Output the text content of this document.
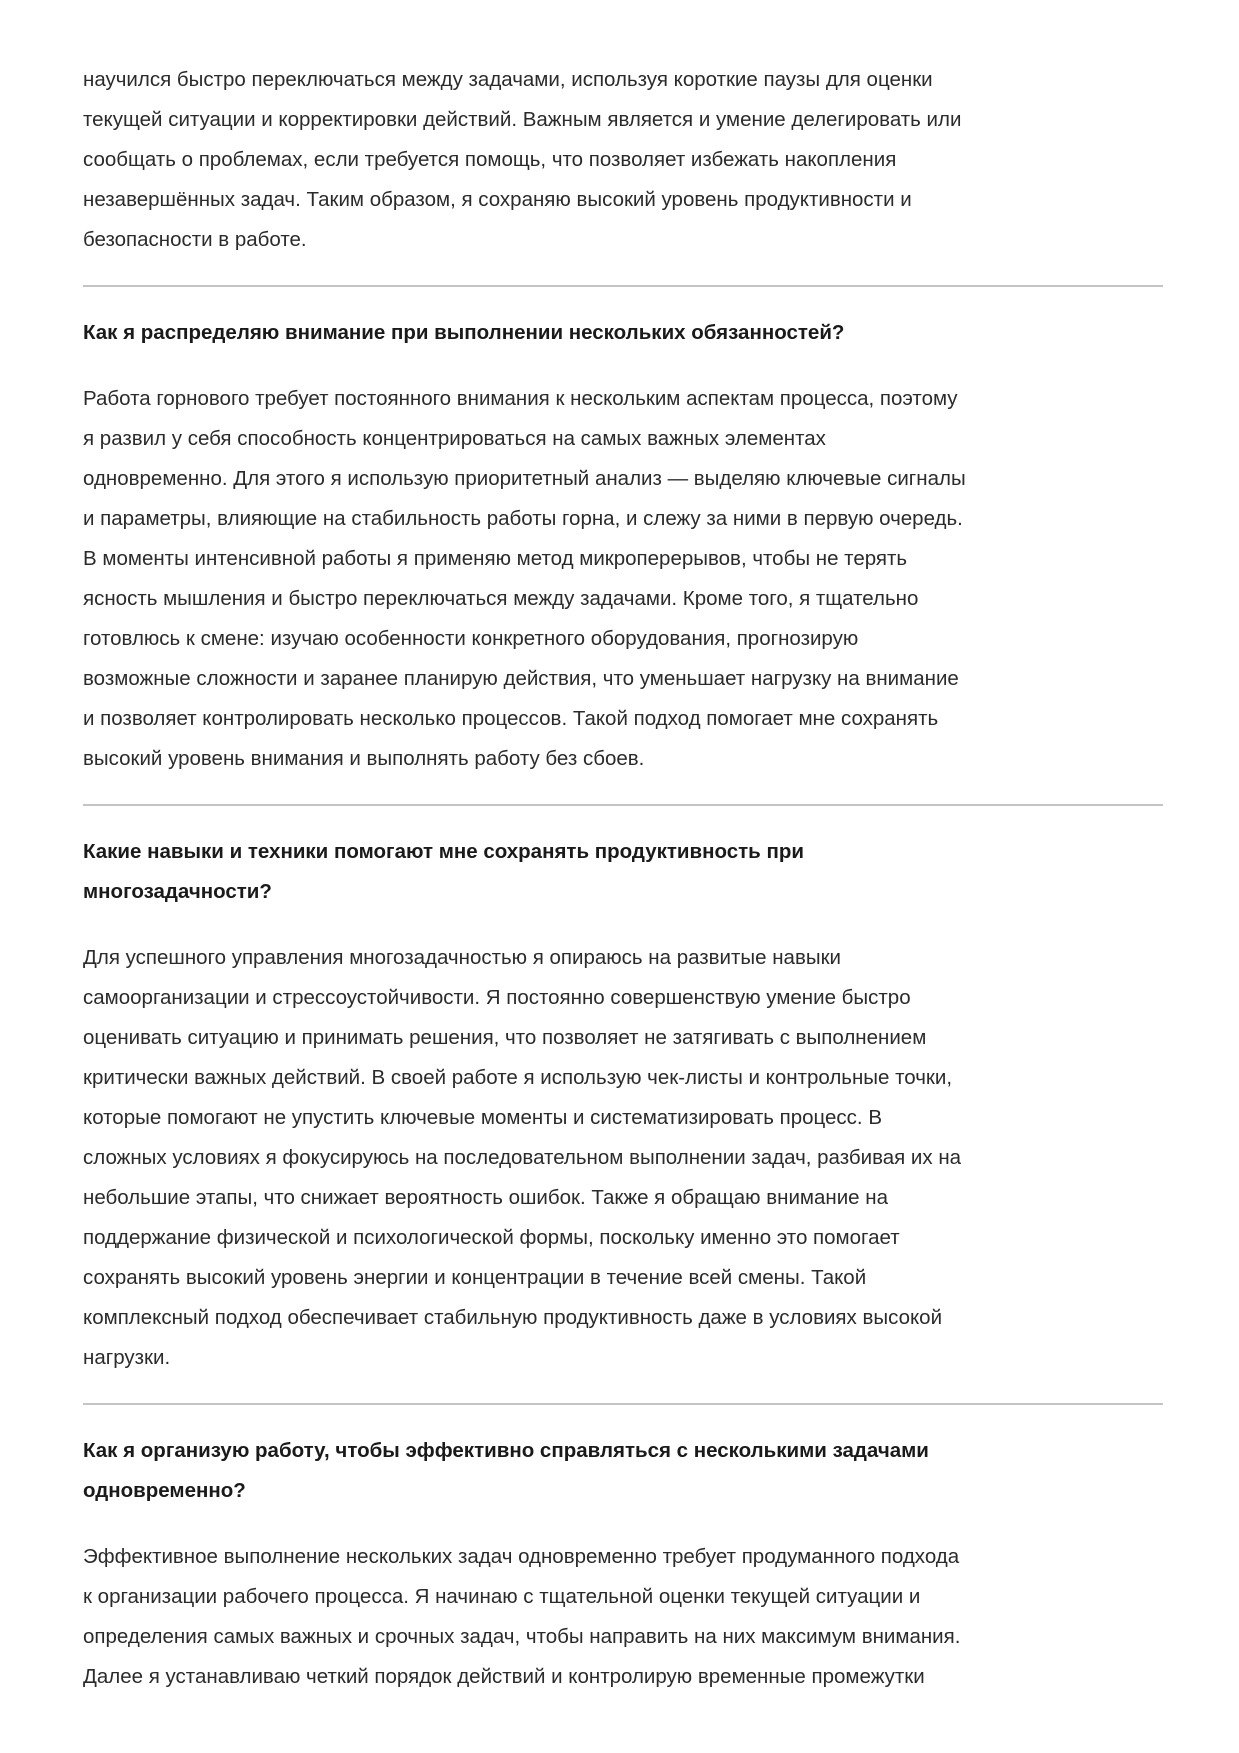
научился быстро переключаться между задачами, используя короткие паузы для оценки
текущей ситуации и корректировки действий. Важным является и умение делегировать или
сообщать о проблемах, если требуется помощь, что позволяет избежать накопления
незавершённых задач. Таким образом, я сохраняю высокий уровень продуктивности и
безопасности в работе.

Как я распределяю внимание при выполнении нескольких обязанностей?

Работа горнового требует постоянного внимания к нескольким аспектам процесса, поэтому
я развил у себя способность концентрироваться на самых важных элементах
одновременно. Для этого я использую приоритетный анализ — выделяю ключевые сигналы
и параметры, влияющие на стабильность работы горна, и слежу за ними в первую очередь.
В моменты интенсивной работы я применяю метод микроперерывов, чтобы не терять
ясность мышления и быстро переключаться между задачами. Кроме того, я тщательно
готовлюсь к смене: изучаю особенности конкретного оборудования, прогнозирую
возможные сложности и заранее планирую действия, что уменьшает нагрузку на внимание
и позволяет контролировать несколько процессов. Такой подход помогает мне сохранять
высокий уровень внимания и выполнять работу без сбоев.

Какие навыки и техники помогают мне сохранять продуктивность при
многозадачности?

Для успешного управления многозадачностью я опираюсь на развитые навыки
самоорганизации и стрессоустойчивости. Я постоянно совершенствую умение быстро
оценивать ситуацию и принимать решения, что позволяет не затягивать с выполнением
критически важных действий. В своей работе я использую чек-листы и контрольные точки,
которые помогают не упустить ключевые моменты и систематизировать процесс. В
сложных условиях я фокусируюсь на последовательном выполнении задач, разбивая их на
небольшие этапы, что снижает вероятность ошибок. Также я обращаю внимание на
поддержание физической и психологической формы, поскольку именно это помогает
сохранять высокий уровень энергии и концентрации в течение всей смены. Такой
комплексный подход обеспечивает стабильную продуктивность даже в условиях высокой
нагрузки.

Как я организую работу, чтобы эффективно справляться с несколькими задачами
одновременно?

Эффективное выполнение нескольких задач одновременно требует продуманного подхода
к организации рабочего процесса. Я начинаю с тщательной оценки текущей ситуации и
определения самых важных и срочных задач, чтобы направить на них максимум внимания.
Далее я устанавливаю четкий порядок действий и контролирую временные промежутки
